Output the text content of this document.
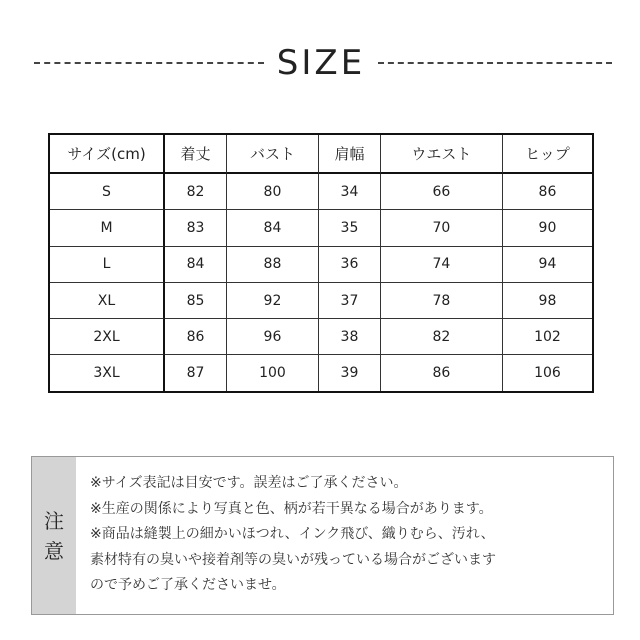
SIZE
サイズ(cm)	着丈	バスト	肩幅	ウエスト	ヒップ
S	82	80	34	66	86
M	83	84	35	70	90
L	84	88	36	74	94
XL	85	92	37	78	98
2XL	86	96	38	82	102
3XL	87	100	39	86	106
注
意
※サイズ表記は目安です。誤差はご了承ください。
※生産の関係により写真と色、柄が若干異なる場合があります。
※商品は縫製上の細かいほつれ、インク飛び、織りむら、汚れ、
素材特有の臭いや接着剤等の臭いが残っている場合がございます
ので予めご了承くださいませ。
